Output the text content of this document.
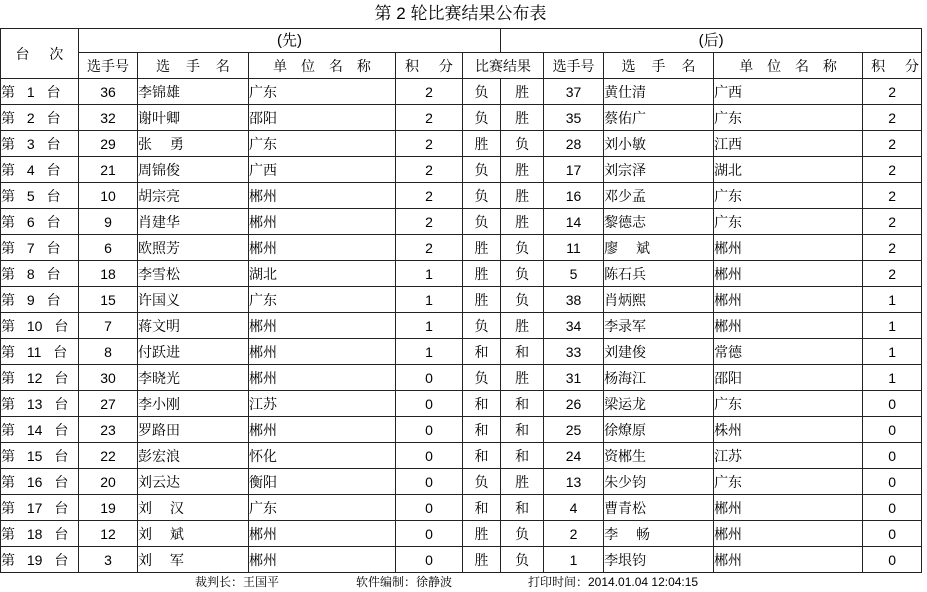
第 2 轮比赛结果公布表
台 次	(先)					(后)				
	选手号	选 手 名	单 位 名 称	积 分	比赛结果		选手号	选 手 名	单 位 名 称	积 分
第 1 台	36	李锦雄	广东	2	负	胜	37	黄仕清	广西	2
第 2 台	32	谢叶卿	邵阳	2	负	胜	35	蔡佑广	广东	2
第 3 台	29	张 勇	广东	2	胜	负	28	刘小敏	江西	2
第 4 台	21	周锦俊	广西	2	负	胜	17	刘宗泽	湖北	2
第 5 台	10	胡宗亮	郴州	2	负	胜	16	邓少孟	广东	2
第 6 台	9	肖建华	郴州	2	负	胜	14	黎德志	广东	2
第 7 台	6	欧照芳	郴州	2	胜	负	11	廖 斌	郴州	2
第 8 台	18	李雪松	湖北	1	胜	负	5	陈石兵	郴州	2
第 9 台	15	许国义	广东	1	胜	负	38	肖炳熙	郴州	1
第 10 台	7	蒋文明	郴州	1	负	胜	34	李录军	郴州	1
第 11 台	8	付跃进	郴州	1	和	和	33	刘建俊	常德	1
第 12 台	30	李晓光	郴州	0	负	胜	31	杨海江	邵阳	1
第 13 台	27	李小刚	江苏	0	和	和	26	梁运龙	广东	0
第 14 台	23	罗路田	郴州	0	和	和	25	徐燎原	株州	0
第 15 台	22	彭宏浪	怀化	0	和	和	24	资郴生	江苏	0
第 16 台	20	刘云达	衡阳	0	负	胜	13	朱少钧	广东	0
第 17 台	19	刘 汉	广东	0	和	和	4	曹青松	郴州	0
第 18 台	12	刘 斌	郴州	0	胜	负	2	李 畅	郴州	0
第 19 台	3	刘 军	郴州	0	胜	负	1	李垠钧	郴州	0
裁判长：王国平	软件编制：徐静波	打印时间：2014.01.04 12:04:15
